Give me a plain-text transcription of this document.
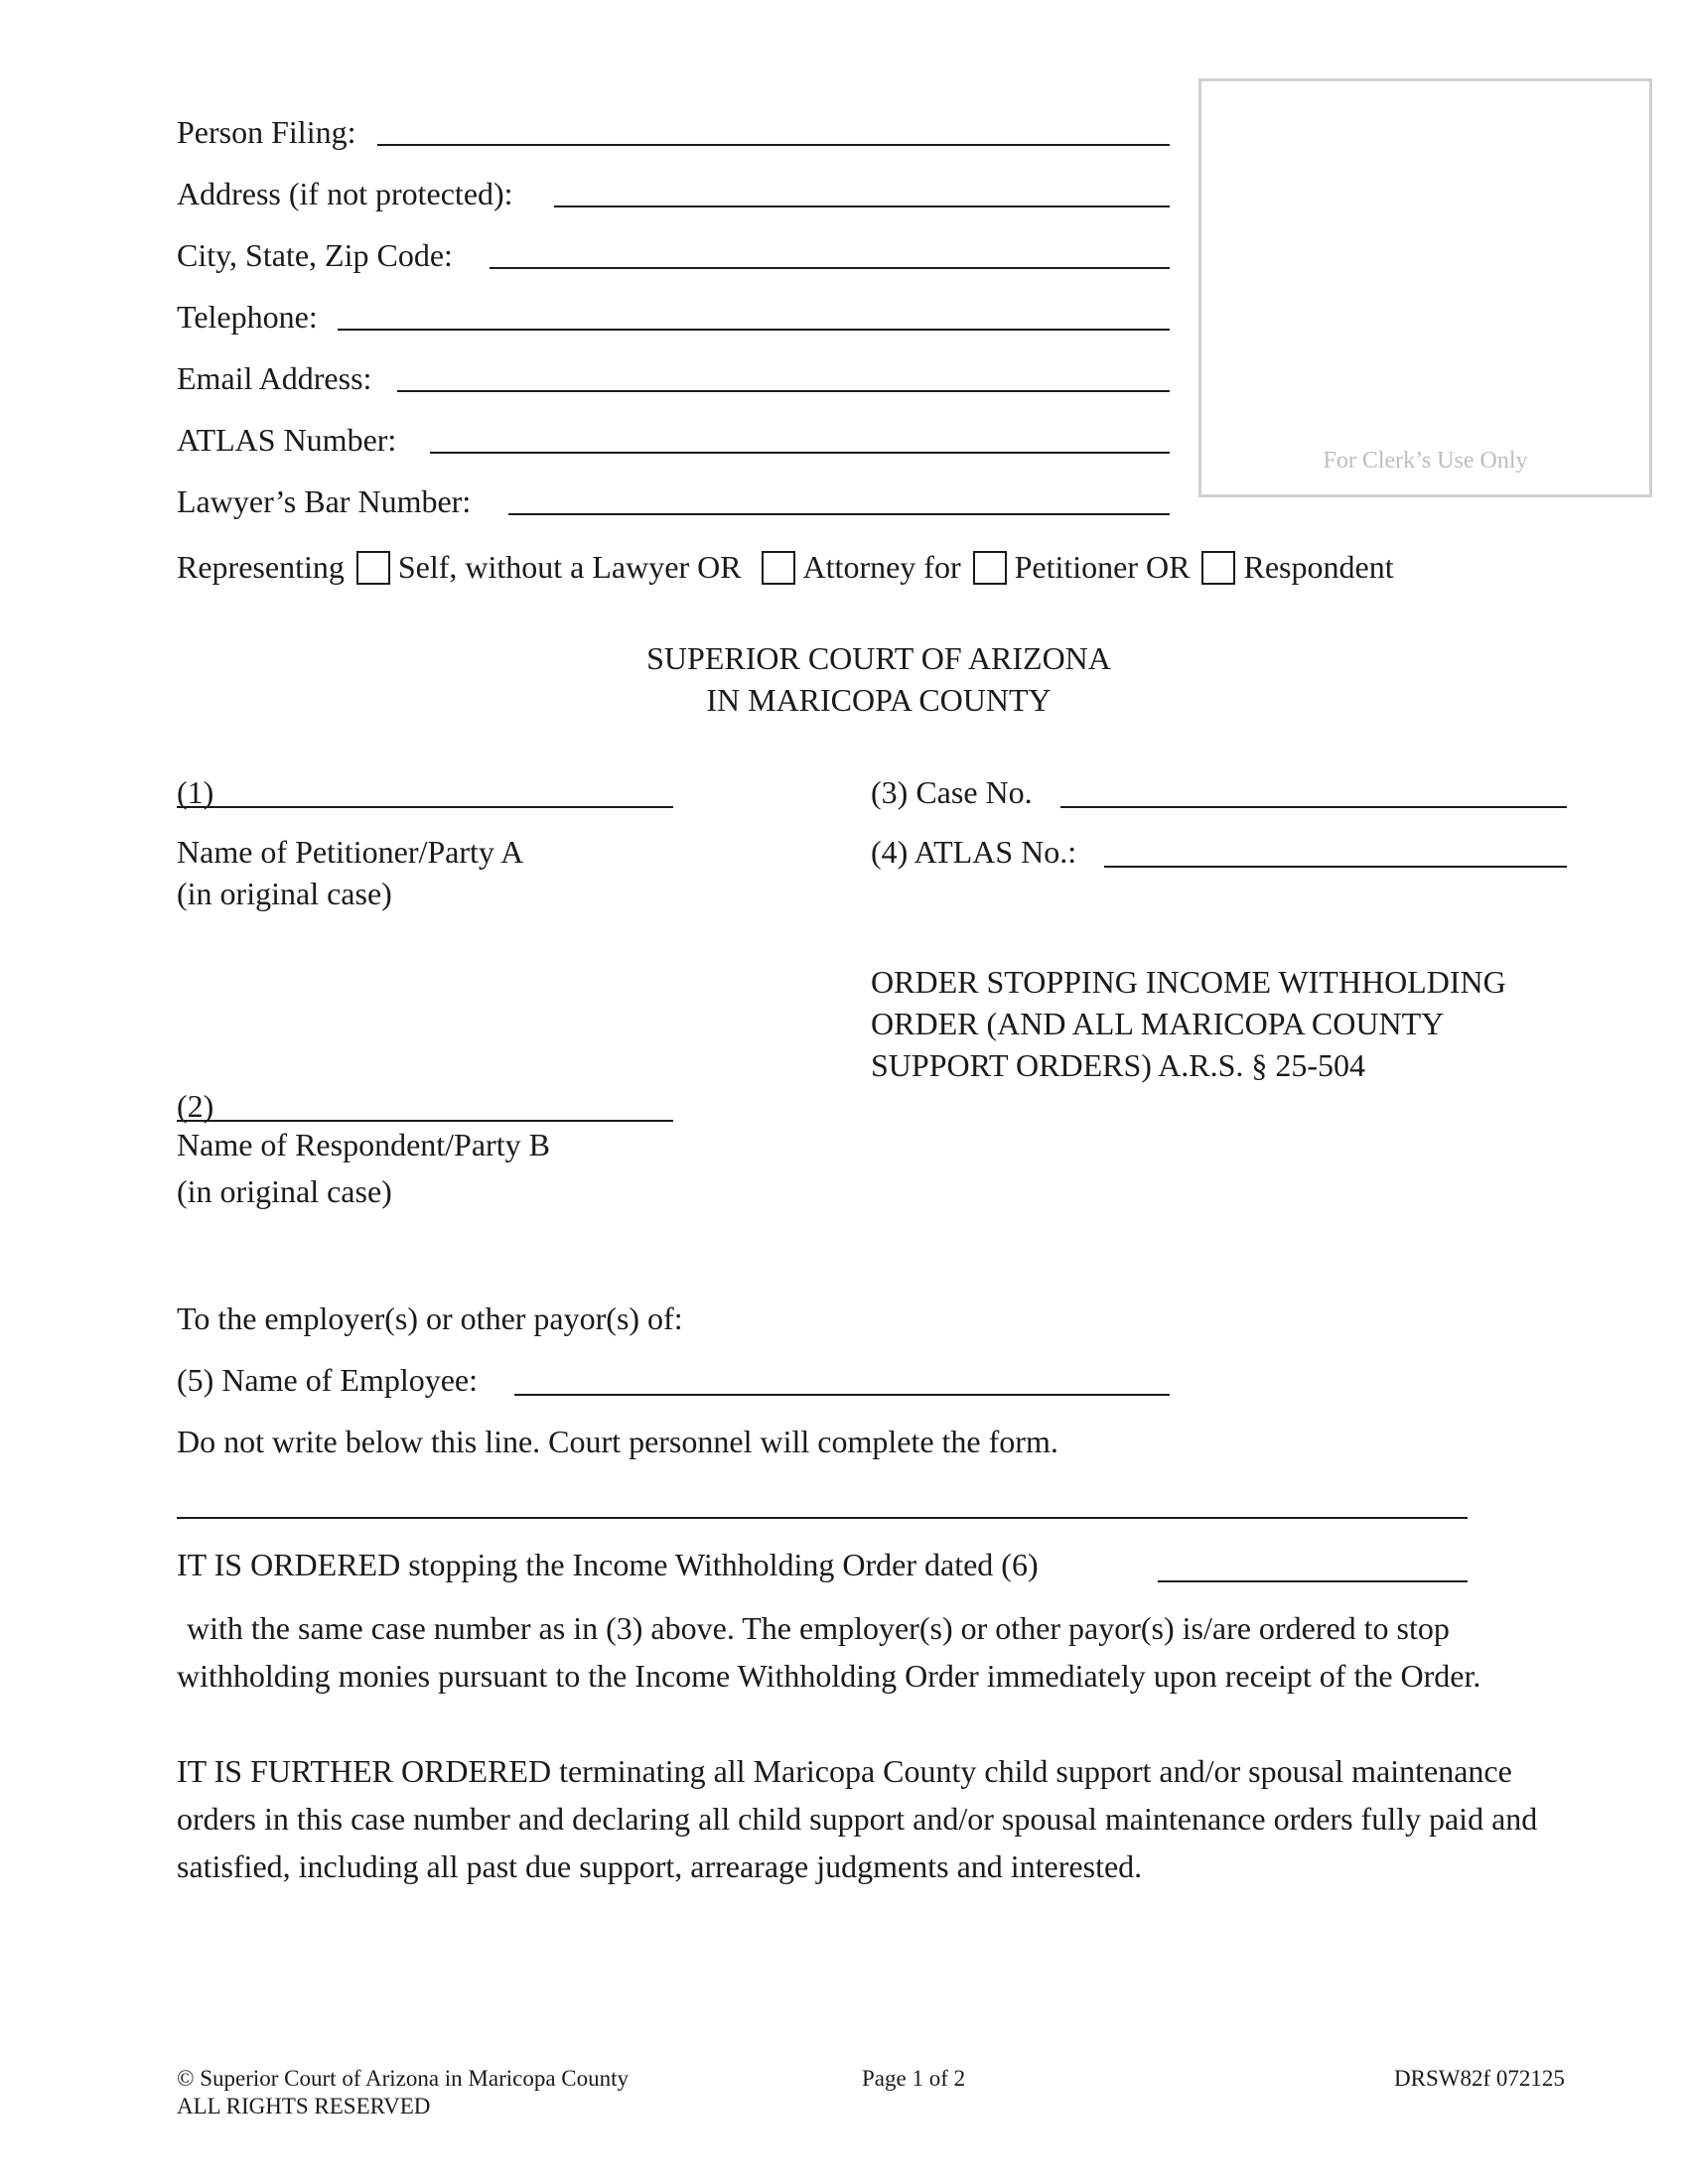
Person Filing:
Address (if not protected):
City, State, Zip Code:
Telephone:
Email Address:
ATLAS Number:
Lawyer’s Bar Number:
For Clerk’s Use Only
Representing Self, without a Lawyer OR Attorney for Petitioner OR Respondent
SUPERIOR COURT OF ARIZONA
IN MARICOPA COUNTY
(1)
Name of Petitioner/Party A
(in original case)
(3) Case No.
(4) ATLAS No.:
ORDER STOPPING INCOME WITHHOLDING
ORDER (AND ALL MARICOPA COUNTY
SUPPORT ORDERS) A.R.S. § 25-504
(2)
Name of Respondent/Party B
(in original case)
To the employer(s) or other payor(s) of:
(5) Name of Employee:
Do not write below this line. Court personnel will complete the form.
IT IS ORDERED stopping the Income Withholding Order dated (6)
with the same case number as in (3) above. The employer(s) or other payor(s) is/are ordered to stop withholding monies pursuant to the Income Withholding Order immediately upon receipt of the Order.
IT IS FURTHER ORDERED terminating all Maricopa County child support and/or spousal maintenance orders in this case number and declaring all child support and/or spousal maintenance orders fully paid and satisfied, including all past due support, arrearage judgments and interested.
© Superior Court of Arizona in Maricopa County
ALL RIGHTS RESERVED
Page 1 of 2	DRSW82f 072125
